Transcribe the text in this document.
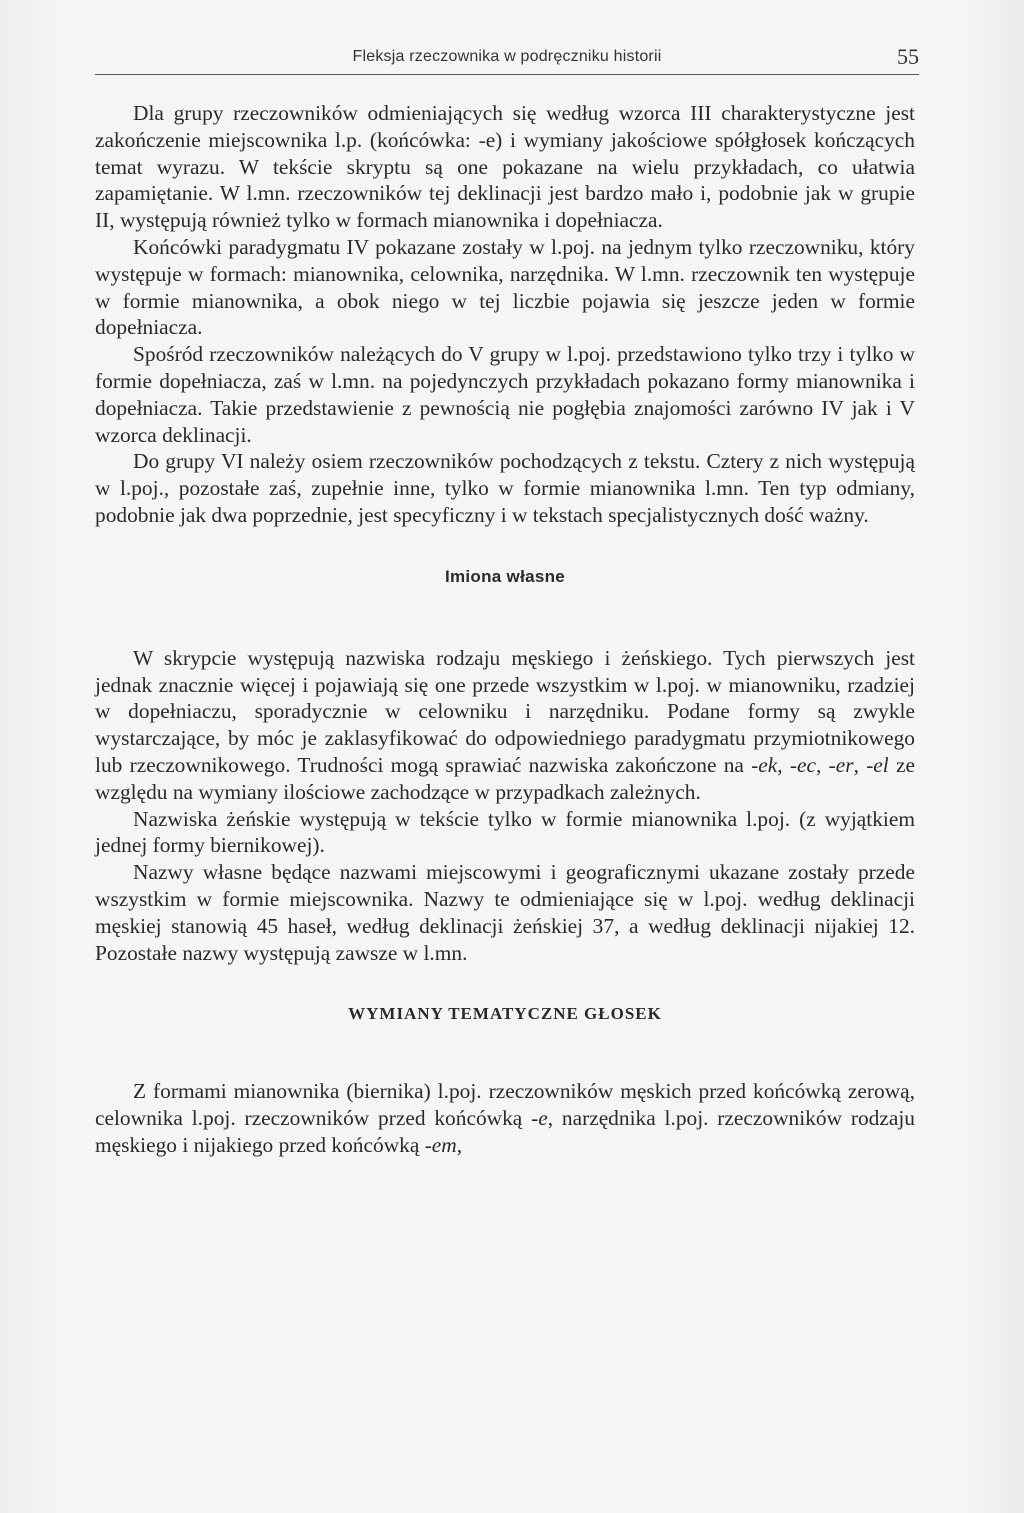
Fleksja rzeczownika w podręczniku historii	55

Dla grupy rzeczowników odmieniających się według wzorca III charakterystyczne jest zakończenie miejscownika l.p. (końcówka: -e) i wymiany jakościowe spółgłosek kończących temat wyrazu. W tekście skryptu są one pokazane na wielu przykładach, co ułatwia zapamiętanie. W l.mn. rzeczowników tej deklinacji jest bardzo mało i, podobnie jak w grupie II, występują również tylko w formach mianownika i dopełniacza.

Końcówki paradygmatu IV pokazane zostały w l.poj. na jednym tylko rzeczowniku, który występuje w formach: mianownika, celownika, narzędnika. W l.mn. rzeczownik ten występuje w formie mianownika, a obok niego w tej liczbie pojawia się jeszcze jeden w formie dopełniacza.

Spośród rzeczowników należących do V grupy w l.poj. przedstawiono tylko trzy i tylko w formie dopełniacza, zaś w l.mn. na pojedynczych przykładach pokazano formy mianownika i dopełniacza. Takie przedstawienie z pewnością nie pogłębia znajomości zarówno IV jak i V wzorca deklinacji.

Do grupy VI należy osiem rzeczowników pochodzących z tekstu. Cztery z nich występują w l.poj., pozostałe zaś, zupełnie inne, tylko w formie mianownika l.mn. Ten typ odmiany, podobnie jak dwa poprzednie, jest specyficzny i w tekstach specjalistycznych dość ważny.

Imiona własne

W skrypcie występują nazwiska rodzaju męskiego i żeńskiego. Tych pierwszych jest jednak znacznie więcej i pojawiają się one przede wszystkim w l.poj. w mianowniku, rzadziej w dopełniaczu, sporadycznie w celowniku i narzędniku. Podane formy są zwykle wystarczające, by móc je zaklasyfikować do odpowiedniego paradygmatu przymiotnikowego lub rzeczownikowego. Trudności mogą sprawiać nazwiska zakończone na -ek, -ec, -er, -el ze względu na wymiany ilościowe zachodzące w przypadkach zależnych.

Nazwiska żeńskie występują w tekście tylko w formie mianownika l.poj. (z wyjątkiem jednej formy biernikowej).

Nazwy własne będące nazwami miejscowymi i geograficznymi ukazane zostały przede wszystkim w formie miejscownika. Nazwy te odmieniające się w l.poj. według deklinacji męskiej stanowią 45 haseł, według deklinacji żeńskiej 37, a według deklinacji nijakiej 12. Pozostałe nazwy występują zawsze w l.mn.

WYMIANY TEMATYCZNE GŁOSEK

Z formami mianownika (biernika) l.poj. rzeczowników męskich przed końcówką zerową, celownika l.poj. rzeczowników przed końcówką -e, narzędnika l.poj. rzeczowników rodzaju męskiego i nijakiego przed końcówką -em,
